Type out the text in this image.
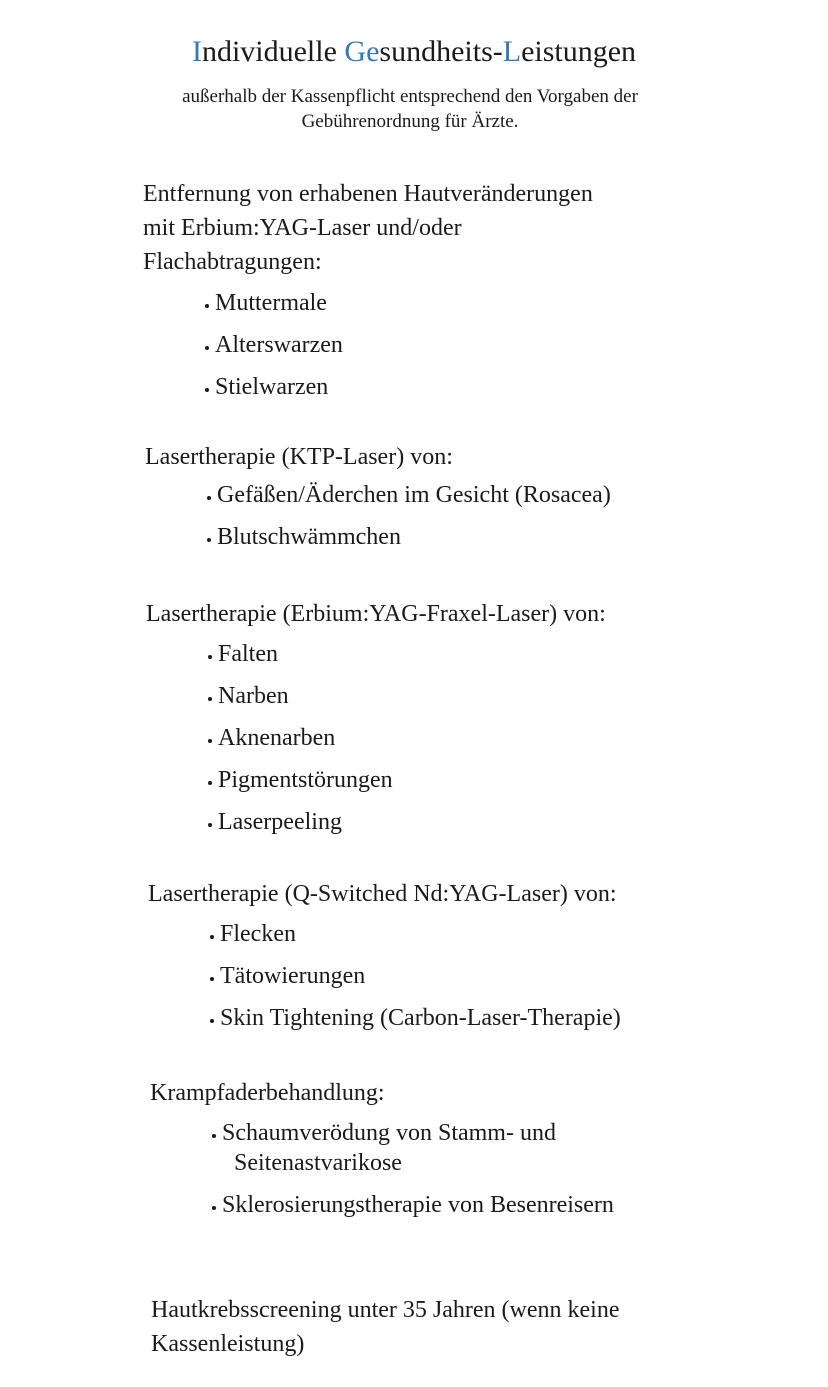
Individuelle Gesundheits-Leistungen

außerhalb der Kassenpflicht entsprechend den Vorgaben der
Gebührenordnung für Ärzte.

Entfernung von erhabenen Hautveränderungen
mit Erbium:YAG-Laser und/oder
Flachabtragungen:

Muttermale
Alterswarzen
Stielwarzen

Lasertherapie (KTP-Laser) von:

Gefäßen/Äderchen im Gesicht (Rosacea)
Blutschwämmchen

Lasertherapie (Erbium:YAG-Fraxel-Laser) von:

Falten
Narben
Aknenarben
Pigmentstörungen
Laserpeeling

Lasertherapie (Q-Switched Nd:YAG-Laser) von:

Flecken
Tätowierungen
Skin Tightening (Carbon-Laser-Therapie)

Krampfaderbehandlung:

Schaumverödung von Stamm- und
Seitenastvarikose
Sklerosierungstherapie von Besenreisern

Hautkrebsscreening unter 35 Jahren (wenn keine
Kassenleistung)
